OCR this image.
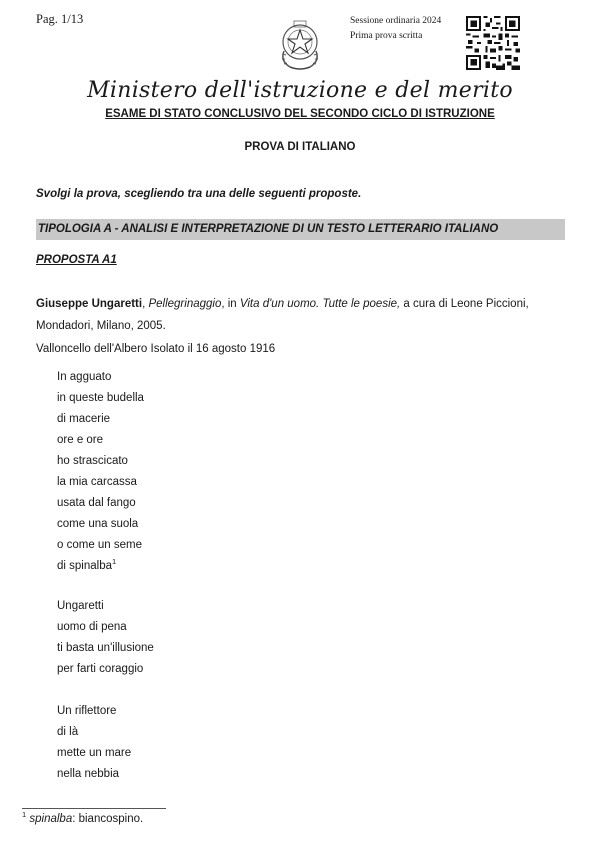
Pag. 1/13	Sessione ordinaria 2024
Prima prova scritta
Ministero dell'istruzione e del merito
ESAME DI STATO CONCLUSIVO DEL SECONDO CICLO DI ISTRUZIONE
PROVA DI ITALIANO
Svolgi la prova, scegliendo tra una delle seguenti proposte.
TIPOLOGIA A - ANALISI E INTERPRETAZIONE DI UN TESTO LETTERARIO ITALIANO
PROPOSTA A1
Giuseppe Ungaretti, Pellegrinaggio, in Vita d'un uomo. Tutte le poesie, a cura di Leone Piccioni, Mondadori, Milano, 2005.
Valloncello dell'Albero Isolato il 16 agosto 1916
In agguato
in queste budella
di macerie
ore e ore
ho strascicato
la mia carcassa
usata dal fango
come una suola
o come un seme
di spinalba$^1$
Ungaretti
uomo di pena
ti basta un'illusione
per farti coraggio
Un riflettore
di là
mette un mare
nella nebbia
$^1$ spinalba: biancospino.
